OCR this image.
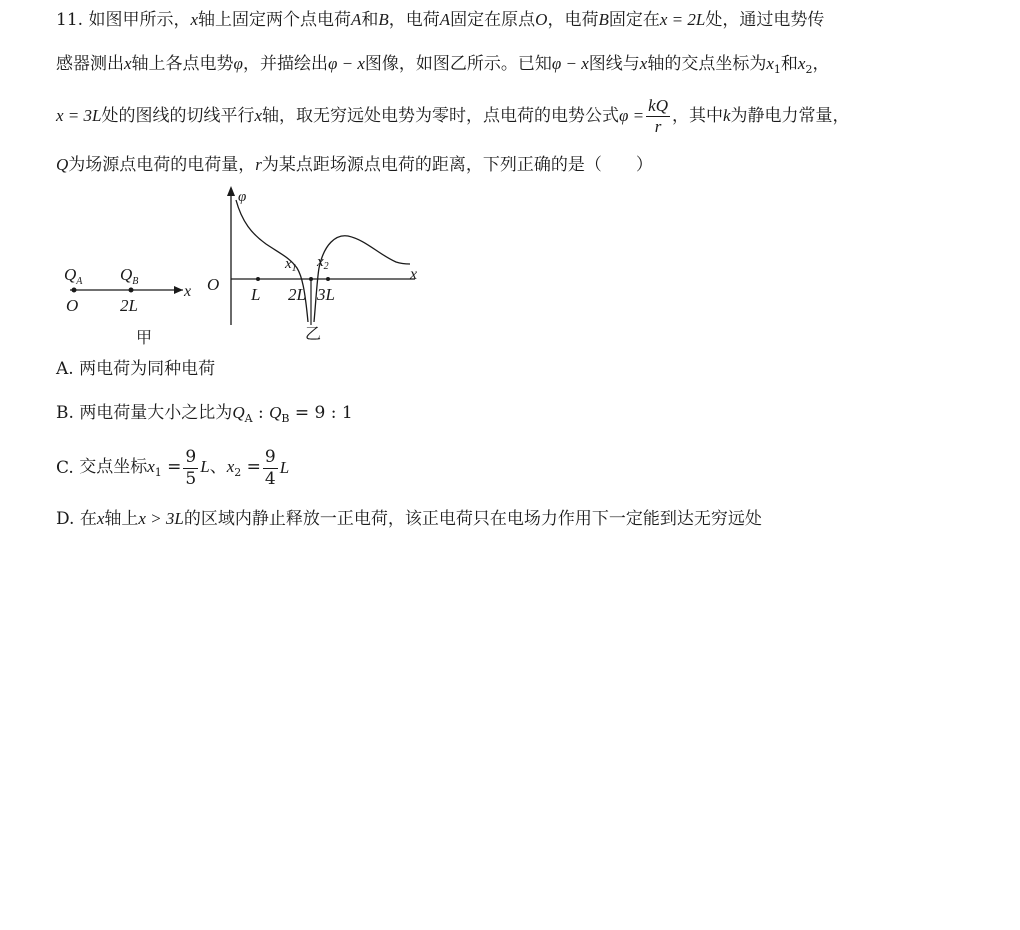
11. 如图甲所示，x轴上固定两个点电荷A和B，电荷A固定在原点O，电荷B固定在x = 2L处，通过电势传
感器测出x轴上各点电势φ，并描绘出φ − x图像，如图乙所示。已知φ − x图线与x轴的交点坐标为$x_1$和$x_2$，
x = 3L处的图线的切线平行x轴，取无穷远处电势为零时，点电荷的电势公式$\varphi = \frac{kQ}{r}$ ，其中k为静电力常量，
Q为场源点电荷的电荷量，r为某点距场源点电荷的距离，下列正确的是（　　）
$Q_A$ $Q_B$
O 2L
x
甲
φ
O
L 2L 3L
x
$x_1$ $x_2$
乙
A. 两电荷为同种电荷
B. 两电荷量大小之比为$Q_A$ : $Q_B = 9$ : 1
C. 交点坐标$x_1 = \frac{9}{5}$ L、$x_2 = \frac{9}{4}$ L
D. 在x轴上x > 3L的区域内静止释放一正电荷，该正电荷只在电场力作用下一定能到达无穷远处
